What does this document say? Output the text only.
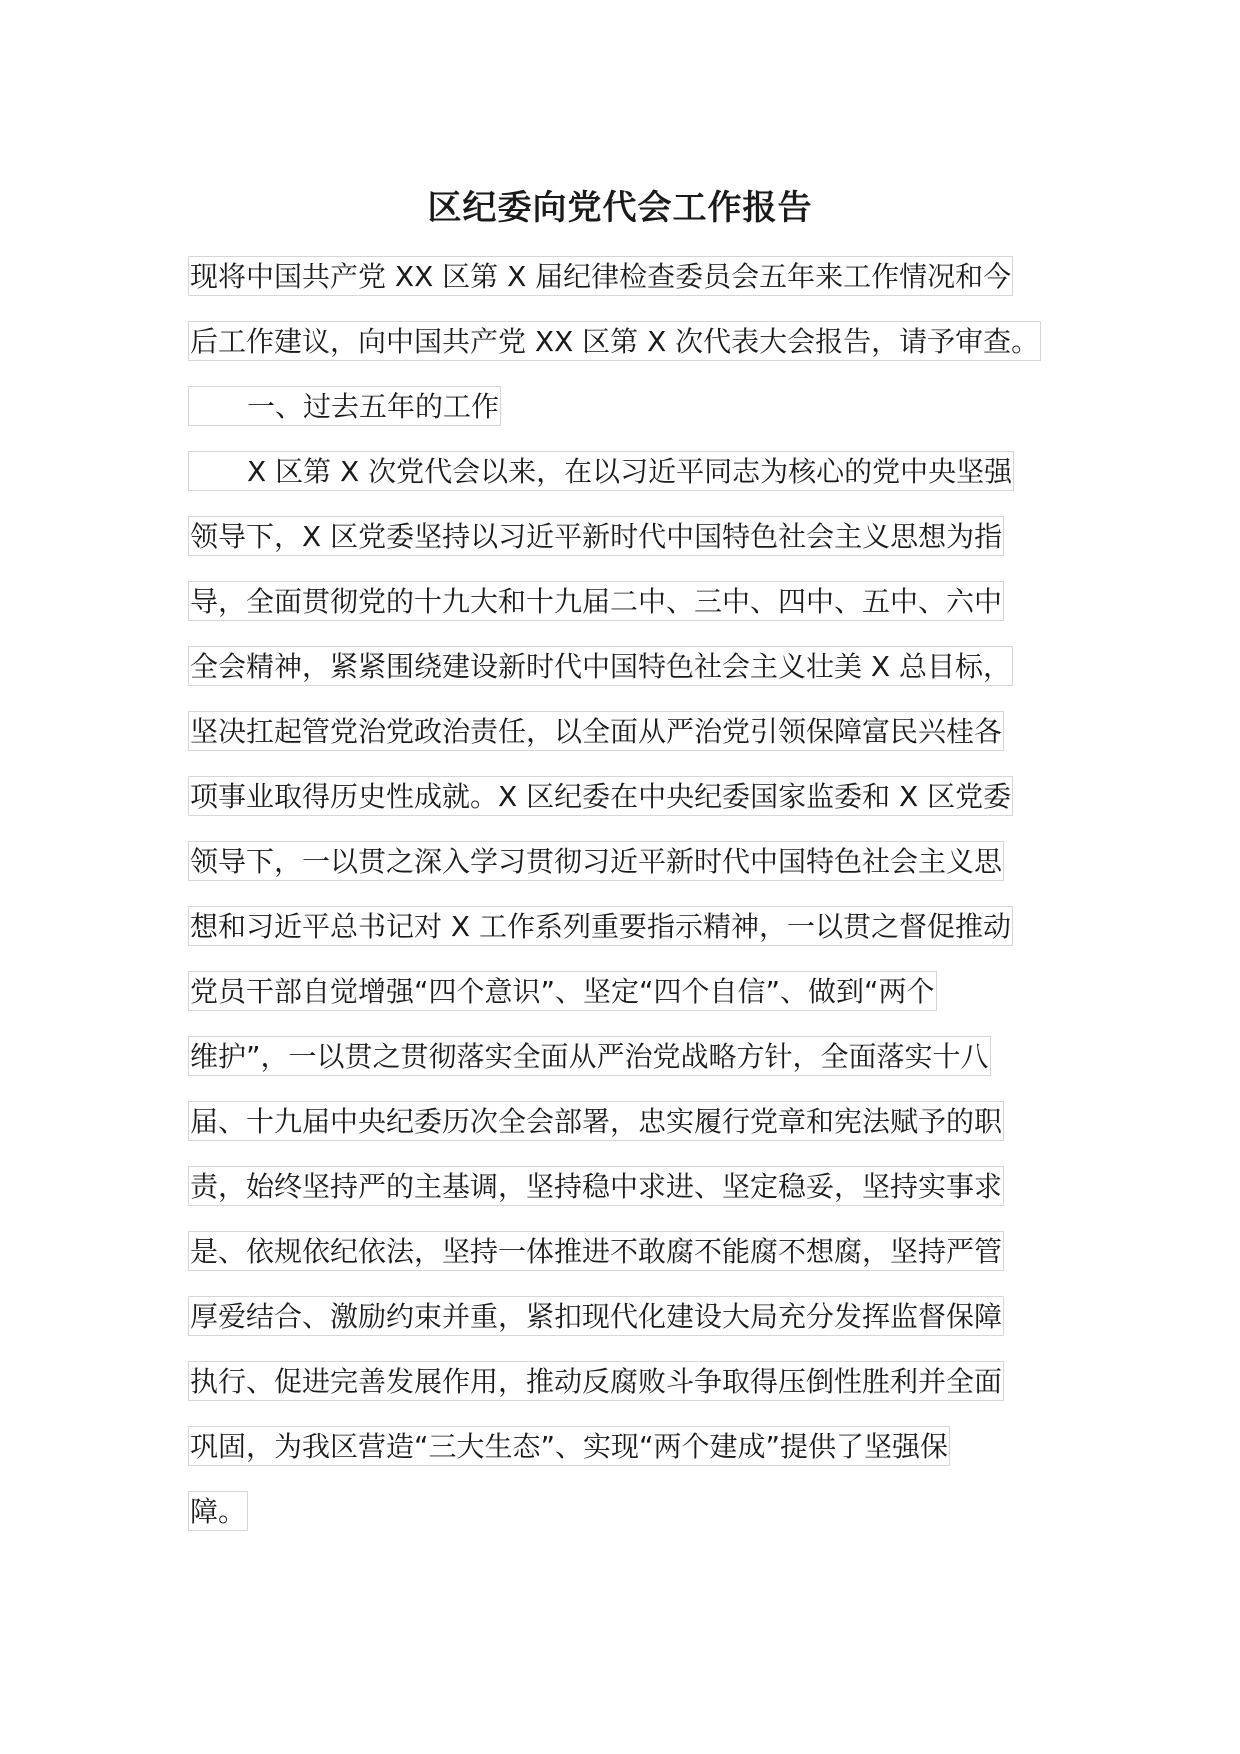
区纪委向党代会工作报告
现将中国共产党 XX 区第 X 届纪律检查委员会五年来工作情况和今
后工作建议，向中国共产党 XX 区第 X 次代表大会报告，请予审查。
一、过去五年的工作
X 区第 X 次党代会以来，在以习近平同志为核心的党中央坚强
领导下，X 区党委坚持以习近平新时代中国特色社会主义思想为指
导，全面贯彻党的十九大和十九届二中、三中、四中、五中、六中
全会精神，紧紧围绕建设新时代中国特色社会主义壮美 X 总目标，
坚决扛起管党治党政治责任，以全面从严治党引领保障富民兴桂各
项事业取得历史性成就。X 区纪委在中央纪委国家监委和 X 区党委
领导下，一以贯之深入学习贯彻习近平新时代中国特色社会主义思
想和习近平总书记对 X 工作系列重要指示精神，一以贯之督促推动
党员干部自觉增强“四个意识”、坚定“四个自信”、做到“两个
维护”，一以贯之贯彻落实全面从严治党战略方针，全面落实十八
届、十九届中央纪委历次全会部署，忠实履行党章和宪法赋予的职
责，始终坚持严的主基调，坚持稳中求进、坚定稳妥，坚持实事求
是、依规依纪依法，坚持一体推进不敢腐不能腐不想腐，坚持严管
厚爱结合、激励约束并重，紧扣现代化建设大局充分发挥监督保障
执行、促进完善发展作用，推动反腐败斗争取得压倒性胜利并全面
巩固，为我区营造“三大生态”、实现“两个建成”提供了坚强保
障。
